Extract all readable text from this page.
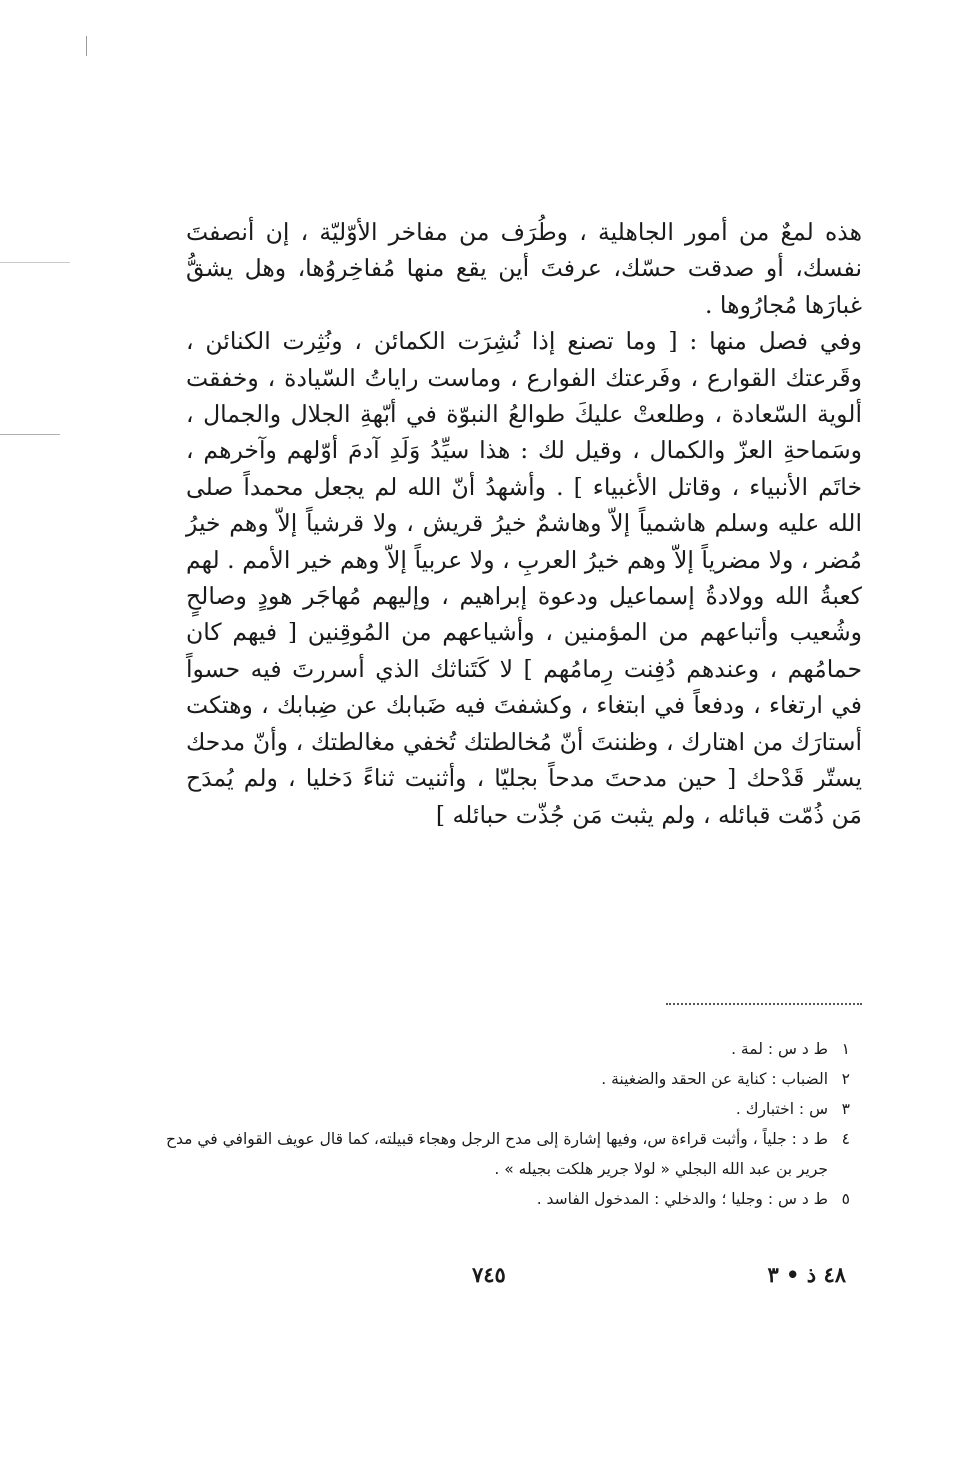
هذه لمعٌ من أمور الجاهلية ، وطُرَف من مفاخر الأوّليّة ، إن أنصفتَ نفسك، أو صدقت حسّك، عرفتَ أين يقع منها مُفاخِروُها، وهل يشقُّ غبارَها مُجارُوها .

وفي فصل منها : [ وما تصنع إذا نُشِرَت الكمائن ، ونُثِرت الكنائن ، وقَرعتك القوارع ، وفَرعتك الفوارع ، وماست راياتُ السّيادة ، وخفقت ألوية السّعادة ، وطلعتْ عليكَ طوالعُ النبوّة في أبّهةِ الجلال والجمال ، وسَماحةِ العزّ والكمال ، وقيل لك : هذا سيِّدُ وَلَدِ آدمَ أوّلهم وآخرهم ، خاتَم الأنبياء ، وقاتل الأغبياء ] . وأشهدُ أنّ الله لم يجعل محمداً صلى الله عليه وسلم هاشمياً إلاّ وهاشمٌ خيرُ قريش ، ولا قرشياً إلاّ وهم خيرُ مُضر ، ولا مضرياً إلاّ وهم خيرُ العربِ ، ولا عربياً إلاّ وهم خير الأمم . لهم كعبةُ الله وولادةُ إسماعيل ودعوة إبراهيم ، وإليهم مُهاجَر هودٍ وصالحٍ وشُعيب وأتباعهم من المؤمنين ، وأشياعهم من المُوقِنين [ فيهم كان حمامُهم ، وعندهم دُفِنت رِمامُهم ] لا كَتَناثك الذي أسررتَ فيه حسواً في ارتغاء ، ودفعاً في ابتغاء ، وكشفتَ فيه ضَبابك عن ضِبابك ، وهتكت أستارَك من اهتارك ، وظننتَ أنّ مُخالطتك تُخفي مغالطتك ، وأنّ مدحك يستّر قَدْحك [ حين مدحتَ مدحاً بجليّا ، وأثنيت ثناءً دَخليا ، ولم يُمدَح مَن ذُمّت قبائله ، ولم يثبت مَن جُذّت حبائله ]

١
ط د س : لمة .
٢
الضباب : كناية عن الحقد والضغينة .
٣
س : اختبارك .
٤
ط د : جلياً ، وأثبت قراءة س، وفيها إشارة إلى مدح الرجل وهجاء قبيلته، كما قال عويف القوافي في مدح جرير بن عبد الله البجلي « لولا جرير هلكت بجيله » .
٥
ط د س : وجليا ؛ والدخلي : المدخول الفاسد .
٤٨ ذ • ٣
٧٤٥
